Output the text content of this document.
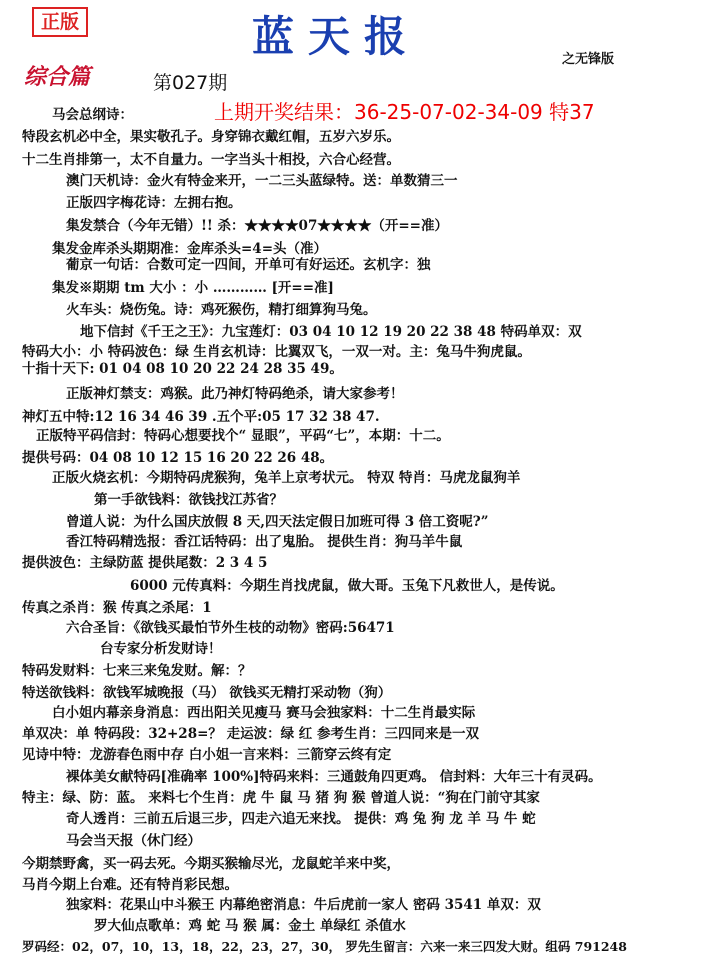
正版	蓝天报	之无锋版
综合篇	第027期
上期开奖结果：36-25-07-02-34-09 特37
马会总纲诗：
特段玄机必中全，果实敬孔子。身穿锦衣戴红帽，五岁六岁乐。
十二生肖排第一，太不自量力。一字当头十相投，六合心经营。
澳门天机诗：金火有特金来开，一二三头蓝绿特。送：单数猜三一
正版四字梅花诗：左拥右抱。
集发禁合（今年无错）!! 杀：★★★★07★★★★（开==准）
集发金库杀头期期准：金库杀头=4=头（准）
葡京一句话：合数可定一四间，开单可有好运还。玄机字：独
集发※期期 tm 大小 ：小 ………… [开==准]
火车头：烧伤兔。诗：鸡死猴伤，精打细算狗马兔。
地下信封《千王之王》：九宝莲灯：03 04 10 12 19 20 22 38 48 特码单双：双
特码大小：小 特码波色：绿 生肖玄机诗：比翼双飞，一双一对。主：兔马牛狗虎鼠。
十指十天下: 01 04 08 10 20 22 24 28 35 49。
正版神灯禁支：鸡猴。此乃神灯特码绝杀，请大家参考！
神灯五中特:12 16 34 46 39 .五个平:05 17 32 38 47.
正版特平码信封：特码心想要找个“ 显眼”，平码“七”，本期：十二。
提供号码：04 08 10 12 15 16 20 22 26 48。
正版火烧玄机：今期特码虎猴狗，兔羊上京考状元。 特双 特肖：马虎龙鼠狗羊
第一手欲钱料：欲钱找江苏省？
曾道人说：为什么国庆放假 8 天,四天法定假日加班可得 3 倍工资呢?”
香江特码精选报：香江话特码：出了鬼胎。 提供生肖：狗马羊牛鼠
提供波色：主绿防蓝 提供尾数：2 3 4 5
6000 元传真料：今期生肖找虎鼠，做大哥。玉兔下凡救世人，是传说。
传真之杀肖：猴 传真之杀尾：1
六合圣旨：《欲钱买最怕节外生枝的动物》密码:56471
台专家分析发财诗！
特码发财料：七来三来兔发财。解：？
特送欲钱料：欲钱军城晚报（马） 欲钱买无精打采动物（狗）
白小姐内幕亲身消息：西出阳关见瘦马 赛马会独家料：十二生肖最实际
单双决：单 特码段：32+28=？ 走运波：绿 红 参考生肖：三四同来是一双
见诗中特：龙游春色雨中存 白小姐一言来料：三箭穿云终有定
裸体美女献特码[准确率 100%]特码来料：三通鼓角四更鸡。 信封料：大年三十有灵码。
特主：绿、防：蓝。 来料七个生肖：虎 牛 鼠 马 猪 狗 猴 曾道人说：“狗在门前守其家
奇人透肖：三前五后退三步，四走六追无来找。 提供：鸡 兔 狗 龙 羊 马 牛 蛇
马会当天报（休门经）
今期禁野禽，买一码去死。今期买猴输尽光，龙鼠蛇羊来中奖，
马肖今期上台难。还有特肖彩民想。
独家料：花果山中斗猴王 内幕绝密消息：牛后虎前一家人 密码 3541 单双：双
罗大仙点歌单：鸡 蛇 马 猴 属：金土 单绿红 杀值水
罗码经：02，07，10，13，18，22，23，27，30， 罗先生留言：六来一来三四发大财。组码 791248
